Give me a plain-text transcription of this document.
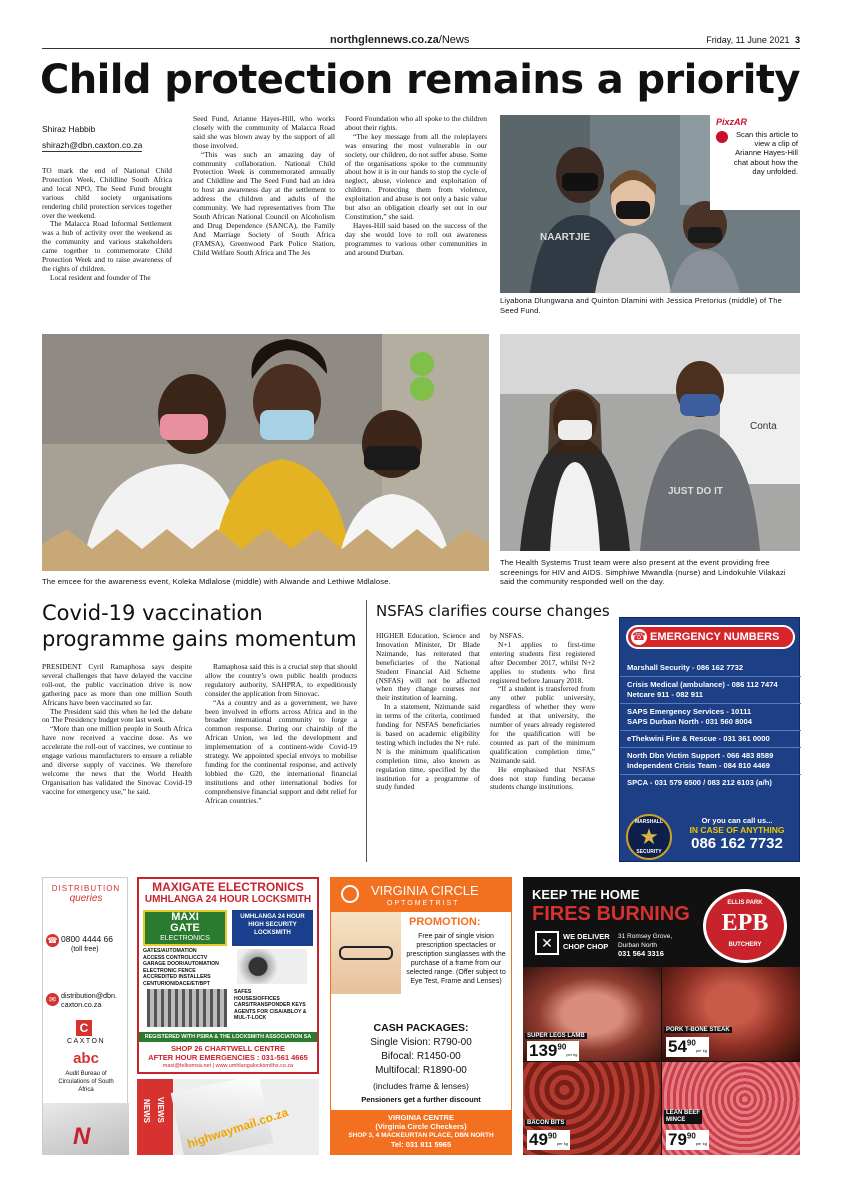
northglennews.co.za/News	Friday, 11 June 2021 3
Child protection remains a priority
Shiraz Habbib
shirazh@dbn.caxton.co.za

TO mark the end of National Child Protection Week, Childline South Africa and local NPO, The Seed Fund brought various child society organisations rendering child protection services together over the weekend.

The Malacca Road Informal Settlement was a hub of activity over the weekend as the community and various stakeholders came together to commemorate Child Protection Week and to raise awareness of the rights of children.

Local resident and founder of The

Seed Fund, Arianne Hayes-Hill, who works closely with the community of Malacca Road said she was blown away by the support of all those involved.

“This was such an amazing day of community collaboration. National Child Protection Week is commemorated annually and Childline and The Seed Fund had an idea to host an awareness day at the settlement to address the children and adults of the community. We had representatives from The South African National Council on Alcoholism and Drug Dependence (SANCA), the Family And Marriage Society of South Africa (FAMSA), Greenwood Park Police Station, Child Welfare South Africa and The Jes

Foord Foundation who all spoke to the children about their rights.

“The key message from all the roleplayers was ensuring the most vulnerable in our society, our children, do not suffer abuse. Some of the organisations spoke to the community about how it is in our hands to stop the cycle of neglect, abuse, violence and exploitation of children. Protecting them from violence, exploitation and abuse is not only a basic value but also an obligation clearly set out in our Constitution,” she said.

Hayes-Hill said based on the success of the day she would love to roll out awareness programmes to various other communities in and around Durban.

NAARTJIE
PixzAR
Scan this article to view a clip of Arianne Hayes-Hill chat about how the day unfolded.
Liyabona Dlungwana and Quinton Dlamini with Jessica Pretorius (middle) of The Seed Fund.
The emcee for the awareness event, Koleka Mdlalose (middle) with Alwande and Lethiwe Mdlalose.
Conta
JUST DO IT
The Health Systems Trust team were also present at the event providing free screenings for HIV and AIDS. Simphiwe Mwandla (nurse) and Lindokuhle Vilakazi said the community responded well on the day.
Covid-19 vaccination
programme gains momentum

PRESIDENT Cyril Ramaphosa says despite several challenges that have delayed the vaccine roll-out, the public vaccination drive is now gathering pace as more than one million South Africans have been vaccinated so far.

The President said this when he led the debate on The Presidency budget vote last week.

“More than one million people in South Africa have now received a vaccine dose. As we accelerate the roll-out of vaccines, we continue to engage various manufacturers to ensure a reliable and diverse supply of vaccines. We therefore welcome the news that the World Health Organisation has validated the Sinovac Covid-19 vaccine for emergency use,” he said.

Ramaphosa said this is a crucial step that should allow the country’s own public health products regulatory authority, SAHPRA, to expeditiously consider the application from Sinovac.

“As a country and as a government, we have been involved in efforts across Africa and in the broader international community to forge a common response. During our chairship of the African Union, we led the development and implementation of a continent-wide Covid-19 strategy. We appointed special envoys to mobilise funding for the continental response, and actively lobbied the G20, the international financial institutions and other international bodies for comprehensive financial support and debt relief for African countries.”

NSFAS clarifies course changes

HIGHER Education, Science and Innovation Minister, Dr Blade Nzimande, has reiterated that beneficiaries of the National Student Financial Aid Scheme (NSFAS) will not be affected when they change courses nor their institution of learning.

In a statement, Nzimande said in terms of the criteria, continued funding for NSFAS beneficiaries is based on academic eligibility testing which includes the N+ rule. N is the minimum qualification completion time, also known as regulation time, specified by the institution for a programme of study funded

by NSFAS.

N+1 applies to first-time entering students first registered after December 2017, whilst N+2 applies to students who first registered before January 2018.

“If a student is transferred from any other public university, regardless of whether they were funded at that university, the number of years already registered for the qualification will be counted as part of the minimum qualification completion time,” Nzimande said.

He emphasised that NSFAS does not stop funding because students change institutions.

☎ EMERGENCY NUMBERS
Marshall Security - 086 162 7732
Crisis Medical (ambulance) - 086 112 7474
Netcare 911 - 082 911
SAPS Emergency Services - 10111
SAPS Durban North - 031 560 8004
eThekwini Fire & Rescue - 031 361 0000
North Dbn Victim Support - 066 483 8589
Independent Crisis Team - 084 810 4469
SPCA - 031 579 6500 / 083 212 6103 (a/h)
MARSHALL
★
SECURITY
Or you can call us...
IN CASE OF ANYTHING
086 162 7732
DISTRIBUTION
queries
☎ 0800 4444 66
(toll free)
✉ distribution@dbn.
caxton.co.za
C
CAXTON
abc
Audit Bureau of Circulations of South Africa
N
MAXIGATE ELECTRONICS
UMHLANGA 24 HOUR LOCKSMITH
MAXI
GATE
ELECTRONICS
GATES/AUTOMATION
ACCESS CONTROL/CCTV
GARAGE DOOR/AUTOMATION
ELECTRONIC FENCE
ACCREDITED INSTALLERS
CENTURION/DACE/ET/BPT
UMHLANGA 24 HOUR HIGH SECURITY LOCKSMITH
SAFES
HOUSES/OFFICES
CARS/TRANSPONDER KEYS
AGENTS FOR CISA/ABLOY & MUL-T-LOCK
REGISTERED WITH PSIRA & THE LOCKSMITH ASSOCIATION SA
SHOP 26 CHARTWELL CENTRE
AFTER HOUR EMERGENCIES : 031-561 4665
maxi@telkomsa.net | www.umhlangalocksmiths.co.za
NEWS VIEWS highwaymail.co.za
VIRGINIA CIRCLE
OPTOMETRIST
PROMOTION:
Free pair of single vision prescription spectacles or prescription sunglasses with the purchase of a frame from our selected range. (Offer subject to Eye Test, Frame and Lenses)
CASH PACKAGES:
Single Vision: R790-00
Bifocal: R1450-00
Multifocal: R1890-00
(includes frame & lenses)
Pensioners get a further discount
VIRGINIA CENTRE
(Virginia Circle Checkers)
SHOP 3, 4 MACKEURTAN PLACE, DBN NORTH
Tel: 031 811 5965
KEEP THE HOME
FIRES BURNING
✕	WE DELIVER
CHOP CHOP
31 Romsey Grove,
Durban North
031 564 3316
ELLIS PARK
EPB
BUTCHERY
SUPER LEGS LAMB
$139^{90}per$ kg
PORK T-BONE STEAK
$54^{90}per$ kg
BACON BITS
$49^{90}per$ kg
LEAN BEEF MINCE
$79^{90}per$ kg
